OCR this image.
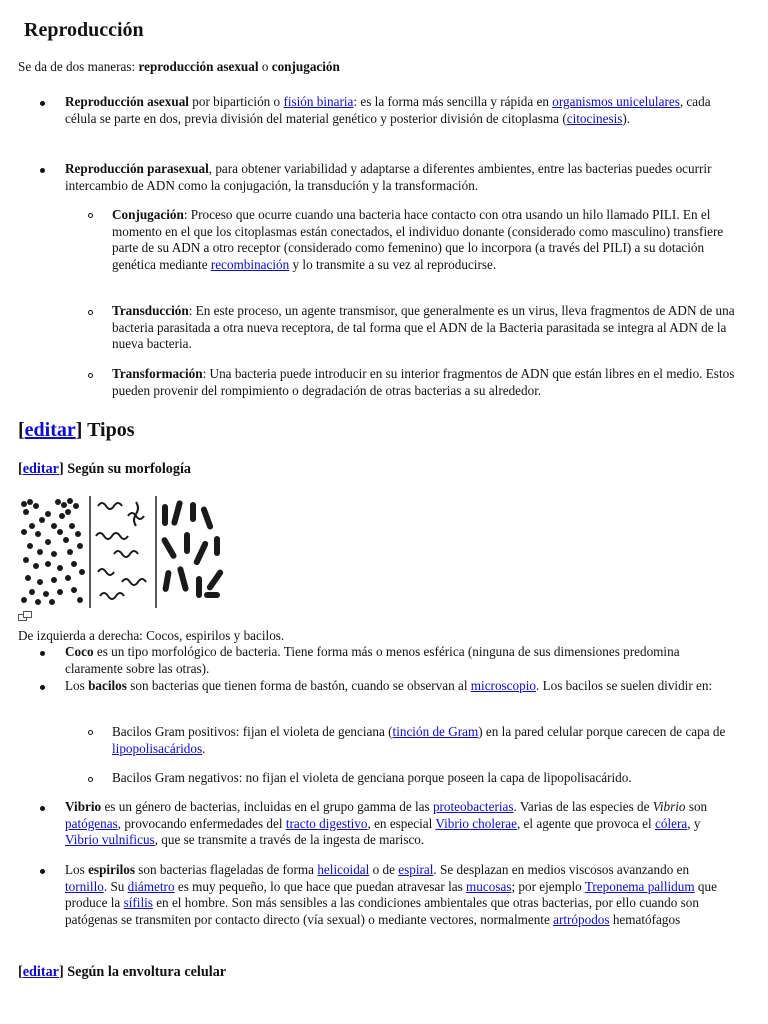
Reproducción
Se da de dos maneras: reproducción asexual o conjugación
Reproducción asexual por bipartición o fisión binaria: es la forma más sencilla y rápida en organismos unicelulares, cada célula se parte en dos, previa división del material genético y posterior división de citoplasma (citocinesis).
Reproducción parasexual, para obtener variabilidad y adaptarse a diferentes ambientes, entre las bacterias puedes ocurrir intercambio de ADN como la conjugación, la transdución y la transformación.
Conjugación: Proceso que ocurre cuando una bacteria hace contacto con otra usando un hilo llamado PILI. En el momento en el que los citoplasmas están conectados, el individuo donante (considerado como masculino) transfiere parte de su ADN a otro receptor (considerado como femenino) que lo incorpora (a través del PILI) a su dotación genética mediante recombinación y lo transmite a su vez al reproducirse.
Transducción: En este proceso, un agente transmisor, que generalmente es un virus, lleva fragmentos de ADN de una bacteria parasitada a otra nueva receptora, de tal forma que el ADN de la Bacteria parasitada se integra al ADN de la nueva bacteria.
Transformación: Una bacteria puede introducir en su interior fragmentos de ADN que están libres en el medio. Estos pueden provenir del rompimiento o degradación de otras bacterias a su alrededor.
[editar] Tipos
[editar] Según su morfología
De izquierda a derecha: Cocos, espirilos y bacilos.
Coco es un tipo morfológico de bacteria. Tiene forma más o menos esférica (ninguna de sus dimensiones predomina claramente sobre las otras).
Los bacilos son bacterias que tienen forma de bastón, cuando se observan al microscopio. Los bacilos se suelen dividir en:
Bacilos Gram positivos: fijan el violeta de genciana (tinción de Gram) en la pared celular porque carecen de capa de lipopolisacáridos.
Bacilos Gram negativos: no fijan el violeta de genciana porque poseen la capa de lipopolisacárido.
Vibrio es un género de bacterias, incluidas en el grupo gamma de las proteobacterias. Varias de las especies de Vibrio son patógenas, provocando enfermedades del tracto digestivo, en especial Vibrio cholerae, el agente que provoca el cólera, y Vibrio vulnificus, que se transmite a través de la ingesta de marisco.
Los espirilos son bacterias flageladas de forma helicoidal o de espiral. Se desplazan en medios viscosos avanzando en tornillo. Su diámetro es muy pequeño, lo que hace que puedan atravesar las mucosas; por ejemplo Treponema pallidum que produce la sífilis en el hombre. Son más sensibles a las condiciones ambientales que otras bacterias, por ello cuando son patógenas se transmiten por contacto directo (vía sexual) o mediante vectores, normalmente artrópodos hematófagos
[editar] Según la envoltura celular
